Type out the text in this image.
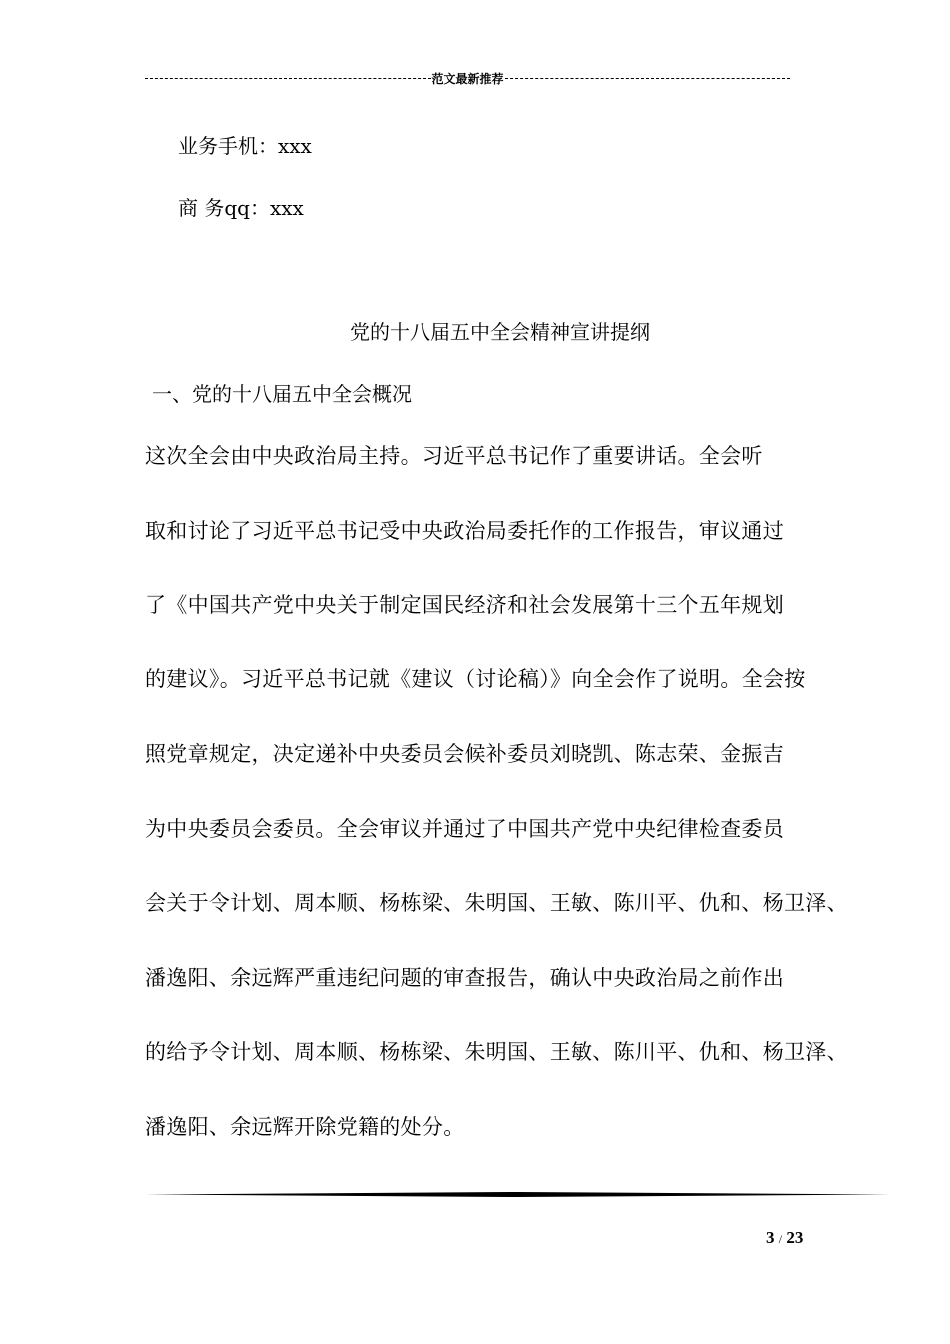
范文最新推荐
业务手机：xxx
商 务qq：xxx
党的十八届五中全会精神宣讲提纲
一、党的十八届五中全会概况
这次全会由中央政治局主持。习近平总书记作了重要讲话。全会听
取和讨论了习近平总书记受中央政治局委托作的工作报告，审议通过
了《中国共产党中央关于制定国民经济和社会发展第十三个五年规划
的建议》。习近平总书记就《建议（讨论稿）》向全会作了说明。全会按
照党章规定，决定递补中央委员会候补委员刘晓凯、陈志荣、金振吉
为中央委员会委员。全会审议并通过了中国共产党中央纪律检查委员
会关于令计划、周本顺、杨栋梁、朱明国、王敏、陈川平、仇和、杨卫泽、
潘逸阳、余远辉严重违纪问题的审查报告，确认中央政治局之前作出
的给予令计划、周本顺、杨栋梁、朱明国、王敏、陈川平、仇和、杨卫泽、
潘逸阳、余远辉开除党籍的处分。
3 / 23
